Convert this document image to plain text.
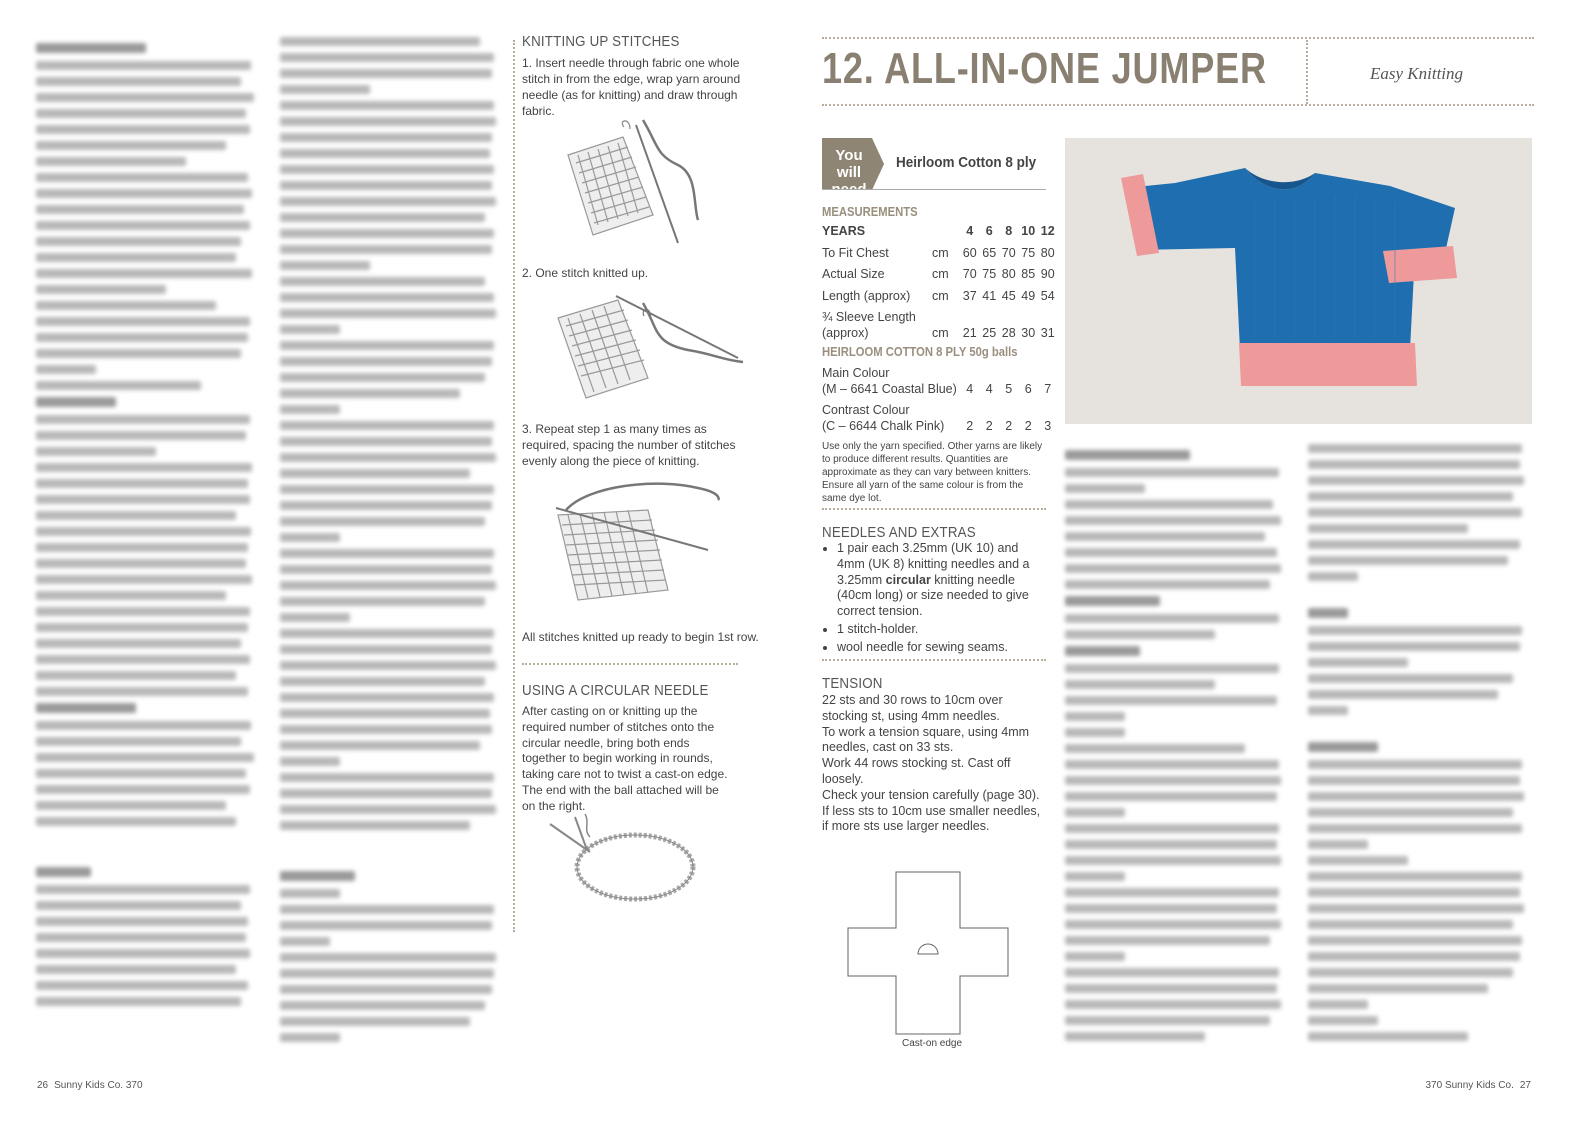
KNITTING UP STITCHES
1. Insert needle through fabric one whole stitch in from the edge, wrap yarn around needle (as for knitting) and draw through fabric.
2. One stitch knitted up.
3. Repeat step 1 as many times as required, spacing the number of stitches evenly along the piece of knitting.
All stitches knitted up ready to begin 1st row.
USING A CIRCULAR NEEDLE
After casting on or knitting up the required number of stitches onto the circular needle, bring both ends together to begin working in rounds, taking care not to twist a cast-on edge. The end with the ball attached will be on the right.
12. ALL-IN-ONE JUMPER	Easy Knitting
You will need
Heirloom Cotton 8 ply
MEASUREMENTS
YEARS	4	6	8 10 12
To Fit Chest	cm 60 65 70 75 80
Actual Size	cm 70 75 80 85 90
Length (approx) cm 37 41 45 49 54
¾ Sleeve Length
(approx)	cm 21 25 28 30 31
HEIRLOOM COTTON 8 PLY 50g balls
Main Colour
(M – 6641 Coastal Blue) 4	4	5	6	7
Contrast Colour
(C – 6644 Chalk Pink)	2	2	2	2	3
Use only the yarn specified. Other yarns are likely to produce different results. Quantities are approximate as they can vary between knitters. Ensure all yarn of the same colour is from the same dye lot.
NEEDLES AND EXTRAS
• 1 pair each 3.25mm (UK 10) and 4mm (UK 8) knitting needles and a 3.25mm circular knitting needle (40cm long) or size needed to give correct tension.
• 1 stitch-holder.
• wool needle for sewing seams.
TENSION
22 sts and 30 rows to 10cm over stocking st, using 4mm needles.
To work a tension square, using 4mm needles, cast on 33 sts.
Work 44 rows stocking st. Cast off loosely.
Check your tension carefully (page 30).
If less sts to 10cm use smaller needles, if more sts use larger needles.
Cast-on edge
26 Sunny Kids Co. 370	370 Sunny Kids Co. 27
